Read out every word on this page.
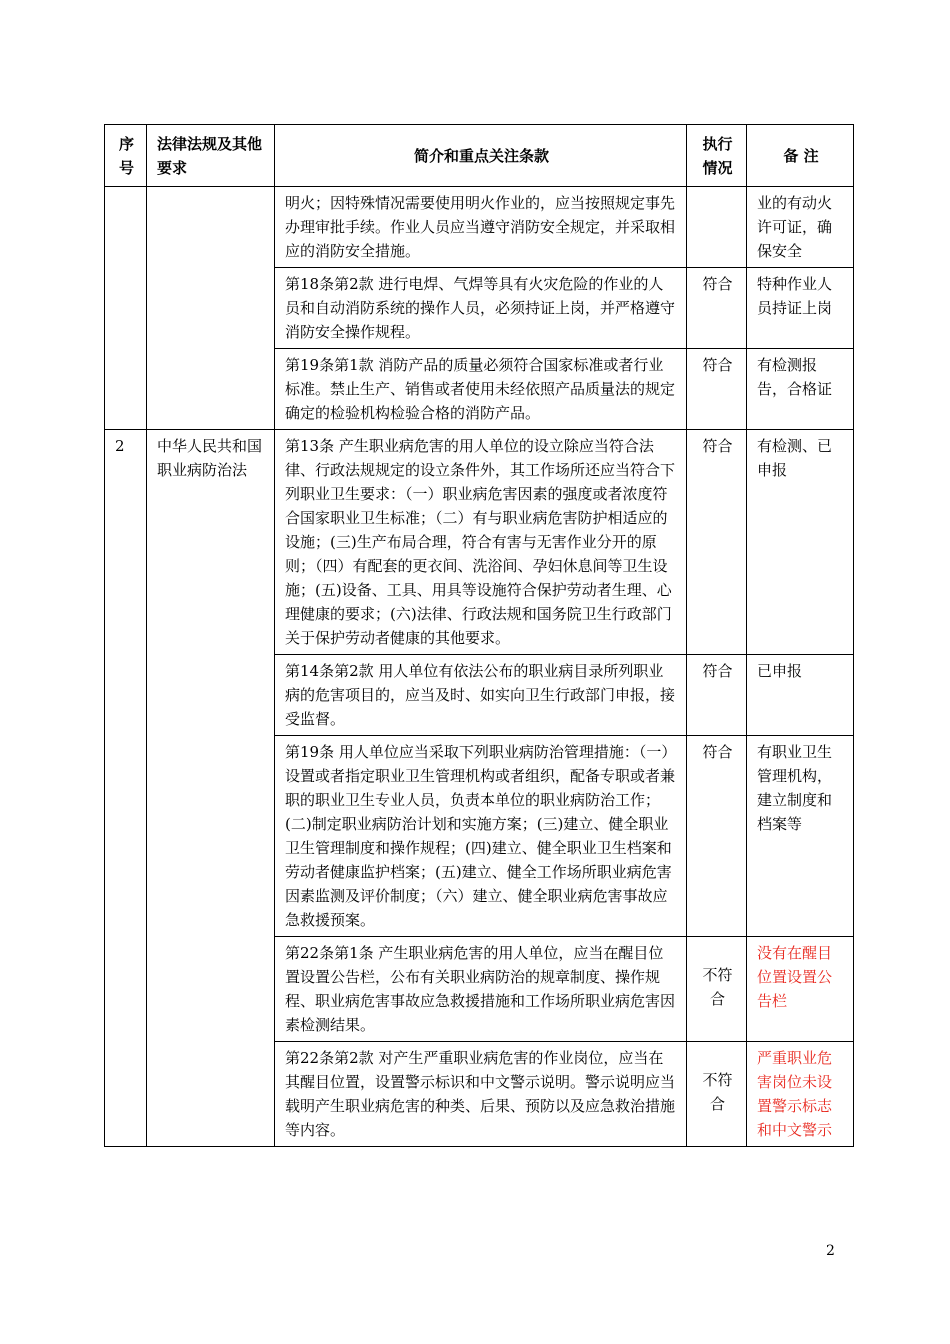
序号	法律法规及其他要求	简介和重点关注条款	执行情况	备 注
		明火；因特殊情况需要使用明火作业的，应当按照规定事先办理审批手续。作业人员应当遵守消防安全规定，并采取相应的消防安全措施。		业的有动火许可证，确保安全
		第18条第2款 进行电焊、气焊等具有火灾危险的作业的人员和自动消防系统的操作人员，必须持证上岗，并严格遵守消防安全操作规程。	符合	特种作业人员持证上岗
		第19条第1款 消防产品的质量必须符合国家标准或者行业标准。禁止生产、销售或者使用未经依照产品质量法的规定确定的检验机构检验合格的消防产品。	符合	有检测报告，合格证
2	中华人民共和国职业病防治法	第13条 产生职业病危害的用人单位的设立除应当符合法律、行政法规规定的设立条件外，其工作场所还应当符合下列职业卫生要求：（一）职业病危害因素的强度或者浓度符合国家职业卫生标准；（二）有与职业病危害防护相适应的设施；(三)生产布局合理，符合有害与无害作业分开的原则；（四）有配套的更衣间、洗浴间、孕妇休息间等卫生设施；(五)设备、工具、用具等设施符合保护劳动者生理、心理健康的要求；(六)法律、行政法规和国务院卫生行政部门关于保护劳动者健康的其他要求。	符合	有检测、已申报
		第14条第2款 用人单位有依法公布的职业病目录所列职业病的危害项目的，应当及时、如实向卫生行政部门申报，接受监督。	符合	已申报
		第19条 用人单位应当采取下列职业病防治管理措施：（一）设置或者指定职业卫生管理机构或者组织，配备专职或者兼职的职业卫生专业人员，负责本单位的职业病防治工作；(二)制定职业病防治计划和实施方案；(三)建立、健全职业卫生管理制度和操作规程；(四)建立、健全职业卫生档案和劳动者健康监护档案；(五)建立、健全工作场所职业病危害因素监测及评价制度；（六）建立、健全职业病危害事故应急救援预案。	符合	有职业卫生管理机构，建立制度和档案等
		第22条第1条 产生职业病危害的用人单位，应当在醒目位置设置公告栏，公布有关职业病防治的规章制度、操作规程、职业病危害事故应急救援措施和工作场所职业病危害因素检测结果。	不符合	没有在醒目位置设置公告栏
		第22条第2款 对产生严重职业病危害的作业岗位，应当在其醒目位置，设置警示标识和中文警示说明。警示说明应当载明产生职业病危害的种类、后果、预防以及应急救治措施等内容。	不符合	严重职业危害岗位未设置警示标志和中文警示
2
